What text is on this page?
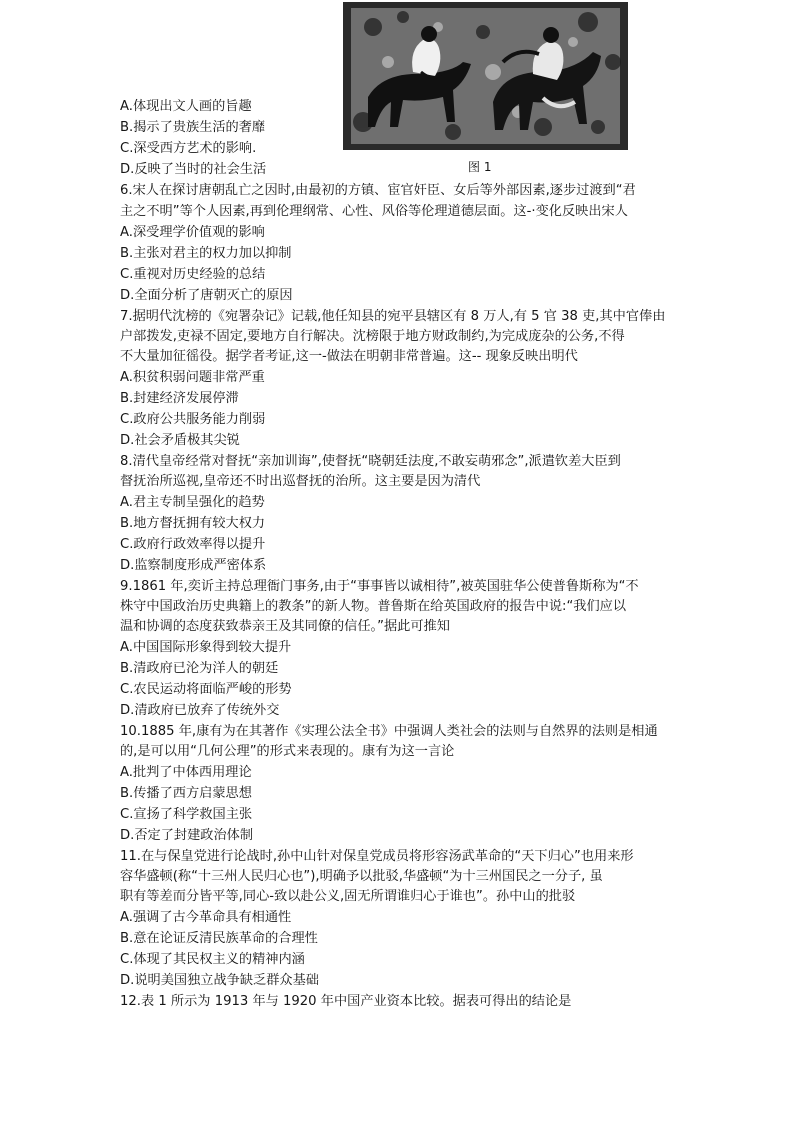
图 1
A.体现出文人画的旨趣
B.揭示了贵族生活的奢靡
C.深受西方艺术的影响.
D.反映了当时的社会生活
6.宋人在探讨唐朝乱亡之因时,由最初的方镇、宦官奸臣、女后等外部因素,逐步过渡到“君
主之不明”等个人因素,再到伦理纲常、心性、风俗等伦理道德层面。这-·变化反映出宋人
A.深受理学价值观的影响
B.主张对君主的权力加以抑制
C.重视对历史经验的总结
D.全面分析了唐朝灭亡的原因
7.据明代沈榜的《宛署杂记》记载,他任知县的宛平县辖区有 8 万人,有 5 官 38 吏,其中官俸由
户部拨发,吏禄不固定,要地方自行解决。沈榜限于地方财政制约,为完成庞杂的公务,不得
不大量加征徭役。据学者考证,这一-做法在明朝非常普遍。这-- 现象反映出明代
A.积贫积弱问题非常严重
B.封建经济发展停滞
C.政府公共服务能力削弱
D.社会矛盾极其尖锐
8.清代皇帝经常对督抚“亲加训诲”,使督抚“晓朝廷法度,不敢妄萌邪念”,派遣钦差大臣到
督抚治所巡视,皇帝还不时出巡督抚的治所。这主要是因为清代
A.君主专制呈强化的趋势
B.地方督抚拥有较大权力
C.政府行政效率得以提升
D.监察制度形成严密体系
9.1861 年,奕䜣主持总理衙门事务,由于“事事皆以诚相待”,被英国驻华公使普鲁斯称为“不
株守中国政治历史典籍上的教条”的新人物。普鲁斯在给英国政府的报告中说:“我们应以
温和协调的态度获致恭亲王及其同僚的信任。”据此可推知
A.中国国际形象得到较大提升
B.清政府已沦为洋人的朝廷
C.农民运动将面临严峻的形势
D.清政府已放弃了传统外交
10.1885 年,康有为在其著作《实理公法全书》中强调人类社会的法则与自然界的法则是相通
的,是可以用“几何公理”的形式来表现的。康有为这一言论
A.批判了中体西用理论
B.传播了西方启蒙思想
C.宣扬了科学救国主张
D.否定了封建政治体制
11.在与保皇党进行论战时,孙中山针对保皇党成员将形容汤武革命的“天下归心”也用来形
容华盛顿(称“十三州人民归心也”),明确予以批驳,华盛顿“为十三州国民之一分子, 虽
职有等差而分皆平等,同心-致以赴公义,固无所谓谁归心于谁也”。孙中山的批驳
A.强调了古今革命具有相通性
B.意在论证反清民族革命的合理性
C.体现了其民权主义的精神内涵
D.说明美国独立战争缺乏群众基础
12.表 1 所示为 1913 年与 1920 年中国产业资本比较。据表可得出的结论是
